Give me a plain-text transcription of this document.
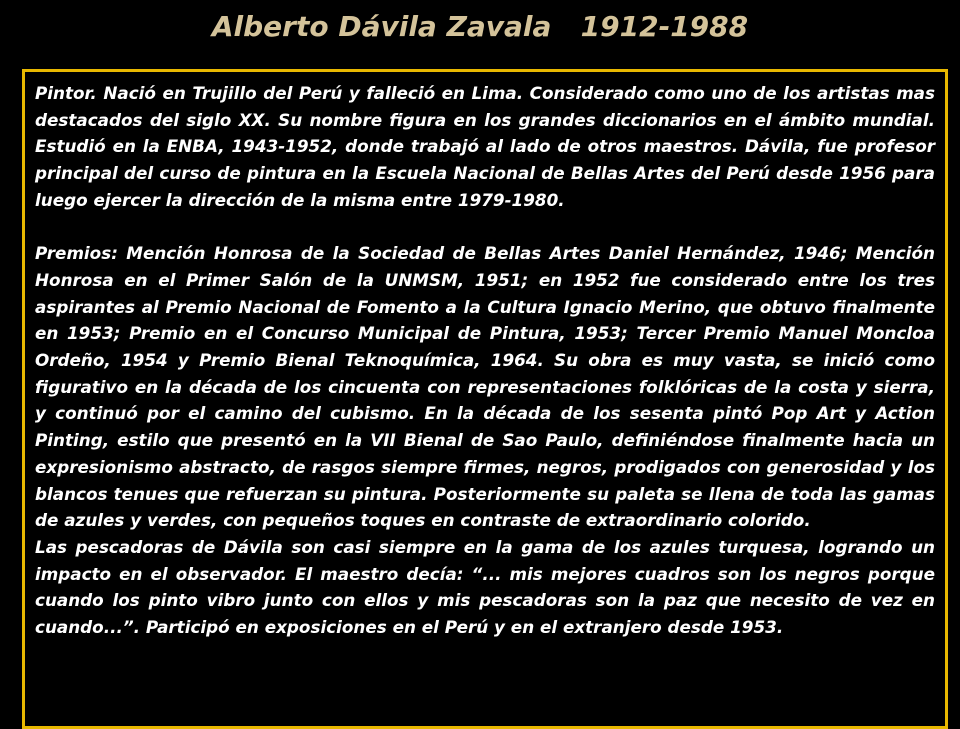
Alberto Dávila Zavala   1912-1988

Pintor. Nació en Trujillo del Perú y falleció en Lima. Considerado como uno de los artistas mas destacados del siglo XX. Su nombre figura en los grandes diccionarios en el ámbito mundial. Estudió en la ENBA, 1943-1952, donde trabajó al lado de otros maestros. Dávila, fue profesor principal del curso de pintura en la Escuela Nacional de Bellas Artes del Perú desde 1956 para luego ejercer la dirección de la misma entre 1979-1980.

Premios: Mención Honrosa de la Sociedad de Bellas Artes Daniel Hernández, 1946; Mención Honrosa en el Primer Salón de la UNMSM, 1951; en 1952 fue considerado entre los tres aspirantes al Premio Nacional de Fomento a la Cultura Ignacio Merino, que obtuvo finalmente en 1953; Premio en el Concurso Municipal de Pintura, 1953; Tercer Premio Manuel Moncloa Ordeño, 1954 y Premio Bienal Teknoquímica, 1964. Su obra es muy vasta, se inició como figurativo en la década de los cincuenta con representaciones folklóricas de la costa y sierra, y continuó por el camino del cubismo. En la década de los sesenta pintó Pop Art y Action Pinting, estilo que presentó en la VII Bienal de Sao Paulo, definiéndose finalmente hacia un expresionismo abstracto, de rasgos siempre firmes, negros, prodigados con generosidad y los blancos tenues que refuerzan su pintura. Posteriormente su paleta se llena de toda las gamas de azules y verdes, con pequeños toques en contraste de extraordinario colorido.

Las pescadoras de Dávila son casi siempre en la gama de los azules turquesa, logrando un impacto en el observador. El maestro decía: “... mis mejores cuadros son los negros porque cuando los pinto vibro junto con ellos y mis pescadoras son la paz que necesito de vez en cuando...”. Participó en exposiciones en el Perú y en el extranjero desde 1953.
